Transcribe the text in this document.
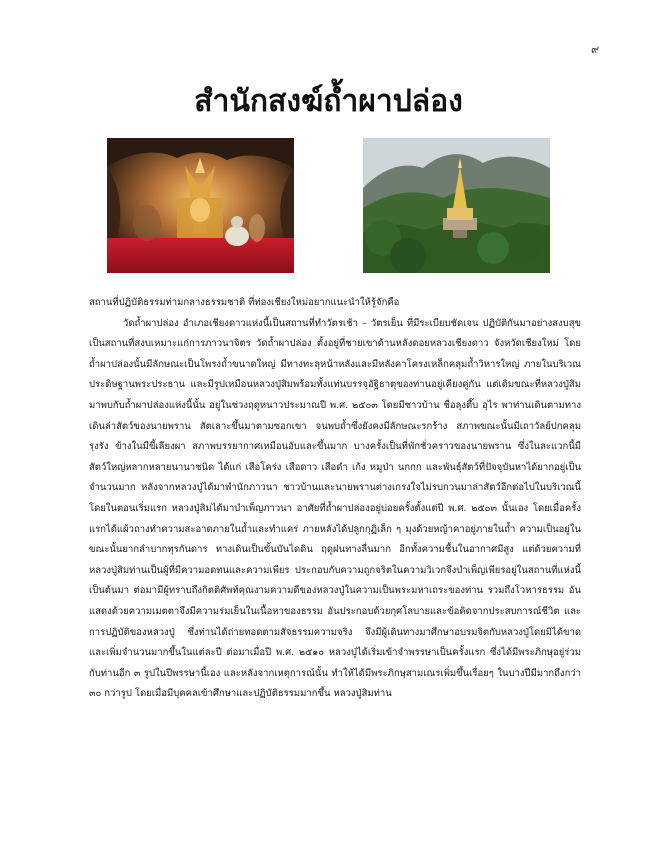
๙
สำนักสงฆ์ถ้ำผาปล่อง

สถานที่ปฏิบัติธรรมท่ามกลางธรรมชาติ ที่ท่องเชียงใหม่อยากแนะนำให้รู้จักคือ

วัดถ้ำผาปล่อง อำเภอเชียงดาวแห่งนี้เป็นสถานที่ทำวัตรเช้า – วัตรเย็น ที่มีระเบียบชัดเจน ปฏิบัติกันมาอย่างสงบสุข เป็นสถานที่สงบเหมาะแก่การภาวนาจิตร วัดถ้ำผาปล่อง ตั้งอยู่ที่ชายเขาด้านหลังดอยหลวงเชียงดาว จังหวัดเชียงใหม่ โดยถ้ำผาปล่องนั้นมีลักษณะเป็นโพรงถ้ำขนาดใหญ่ มีทางทะลุหน้าหลังและมีหลังคาโครงเหล็กคลุมถ้ำวิหารใหญ่ ภายในบริเวณประดิษฐานพระประธาน และมีรูปเหมือนหลวงปู่สิมพร้อมทั้งแท่นบรรจุอัฐิธาตุของท่านอยู่เคียงคู่กัน แต่เดิมขณะที่หลวงปู่สิมมาพบกับถ้ำผาปล่องแห่งนี้นั้น อยู่ในช่วงฤดูหนาวประมาณปี พ.ศ. ๒๕๐๓ โดยมีชาวบ้าน ชื่อลุงตึ๊บ อุไร พาท่านเดินตามทางเดินล่าสัตว์ของนายพราน สัตเลาะขึ้นมาตามซอกเขา จนพบถ้ำซึ่งยังคงมีลักษณะรกร้าง สภาพขณะนั้นมีเถาวัลย์ปกคลุมรุงรัง ข้างในมีขี้เลียงผา สภาพบรรยากาศเหมือนอับและขึ้นมาก บางครั้งเป็นที่พักชั่วคราวของนายพราน ซึ่งในละแวกนี้มีสัตว์ใหญ่หลากหลายนานาชนิด ได้แก่ เสือโคร่ง เสือดาว เสือดำ เก้ง หมูป่า นกกก และพันธุ์สัตว์ที่ปัจจุบันหาได้ยากอยู่เป็นจำนวนมาก หลังจากหลวงปู่ได้มาพำนักภาวนา ชาวบ้านและนายพรานต่างเกรงใจไม่รบกวนมาล่าสัตว์อีกต่อไปในบริเวณนี้ โดยในตอนเริ่มแรก หลวงปู่สิมได้มาบำเพ็ญภาวนา อาศัยที่ถ้ำผาปล่องอยู่บ่อยครั้งตั้งแต่ปี พ.ศ. ๒๕๐๓ นั้นเอง โดยเมื่อครั้งแรกได้แผ้วถางทำความสะอาดภายในถ้ำและทำแคร่ ภายหลังได้ปลูกกุฏิเล็ก ๆ มุงด้วยหญ้าคาอยู่ภายในถ้ำ ความเป็นอยู่ในขณะนั้นยากลำบากทุรกันดาร ทางเดินเป็นขั้นบันไดดิน ฤดูฝนทางลื่นมาก อีกทั้งความชื้นในอากาศมีสูง แต่ด้วยความที่หลวงปู่สิมท่านเป็นผู้ที่มีความอดทนและความเพียร ประกอบกับความถูกจริตในความวิเวกจึงบำเพ็ญเพียรอยู่ในสถานที่แห่งนี้เป็นต้นมา ต่อมามีผู้ทราบถึงกิตติศัพท์คุณงามความดีของหลวงปู่ในความเป็นพระมหาเถระของท่าน รวมถึงโวหารธรรม อันแสดงด้วยความเมตตาจึงมีความร่มเย็นในเนื้อหาของธรรม อันประกอบด้วยกุศโลบายและข้อคิดจากประสบการณ์ชีวิต และการปฏิบัติของหลวงปู่ ซึ่งท่านได้ถ่ายทอดตามสัจธรรมความจริง จึงมีผู้เดินทางมาศึกษาอบรมจิตกับหลวงปู่โดยมิได้ขาด และเพิ่มจำนวนมากขึ้นในแต่ละปี ต่อมาเมื่อปี พ.ศ. ๒๕๑๐ หลวงปู่ได้เริ่มเข้าจำพรรษาเป็นครั้งแรก ซึ่งได้มีพระภิกษุอยู่ร่วมกับท่านอีก ๓ รูปในปีพรรษานี้เอง และหลังจากเหตุการณ์นั้น ทำให้ได้มีพระภิกษุสามเณรเพิ่มขึ้นเรื่อยๆ ในบางปีมีมากถึงกว่า ๓๐ กว่ารูป โดยเมื่อมีบุคคลเข้าศึกษาและปฏิบัติธรรมมากขึ้น หลวงปู่สิมท่าน
